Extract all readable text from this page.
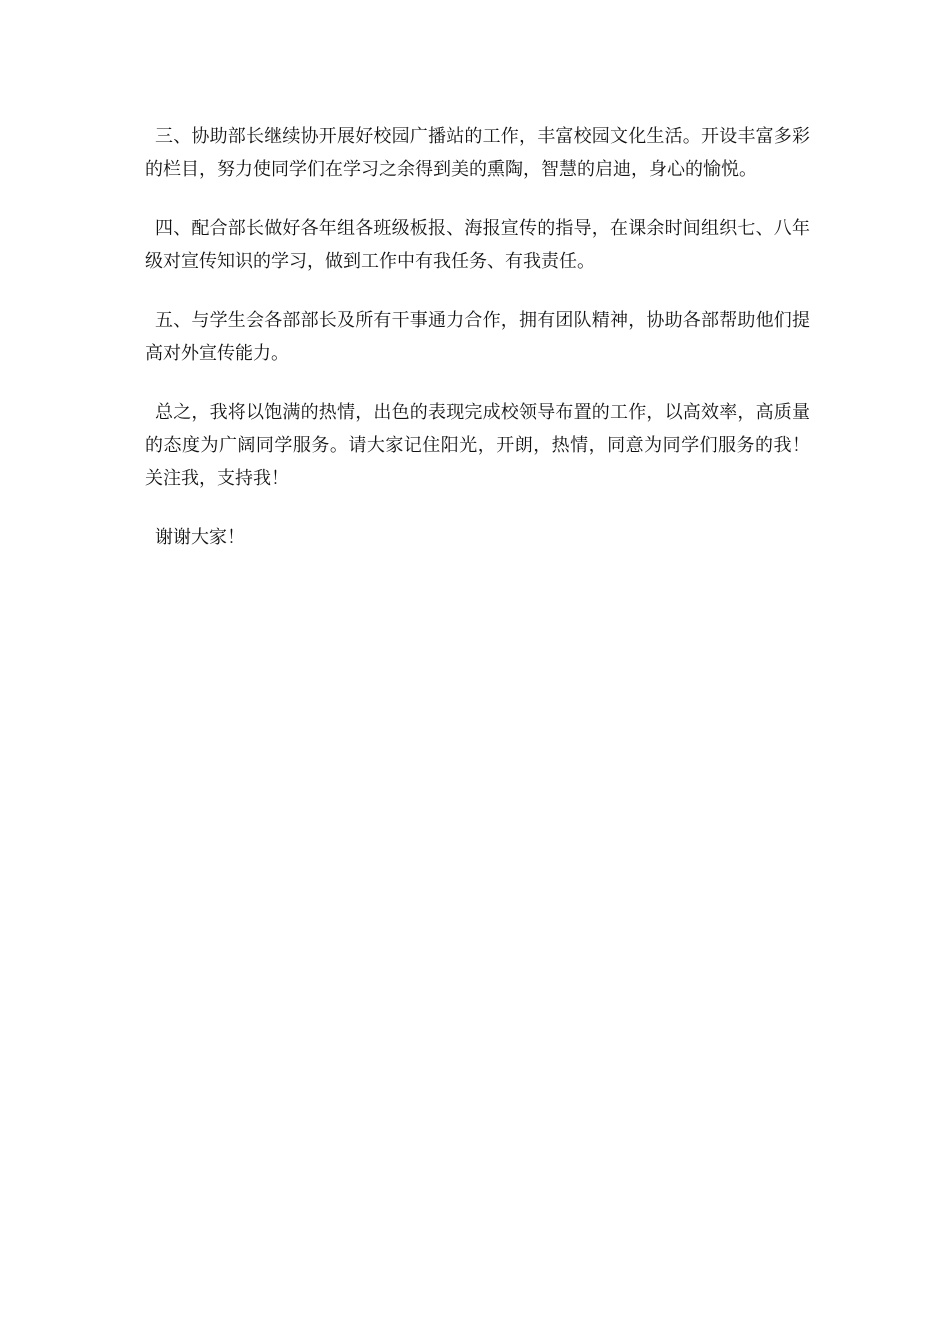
三、协助部长继续协开展好校园广播站的工作，丰富校园文化生活。开设丰富多彩的栏目，努力使同学们在学习之余得到美的熏陶，智慧的启迪，身心的愉悦。

四、配合部长做好各年组各班级板报、海报宣传的指导，在课余时间组织七、八年级对宣传知识的学习，做到工作中有我任务、有我责任。

五、与学生会各部部长及所有干事通力合作，拥有团队精神，协助各部帮助他们提高对外宣传能力。

总之，我将以饱满的热情，出色的表现完成校领导布置的工作，以高效率，高质量的态度为广阔同学服务。请大家记住阳光，开朗，热情，同意为同学们服务的我！关注我，支持我！

谢谢大家！
